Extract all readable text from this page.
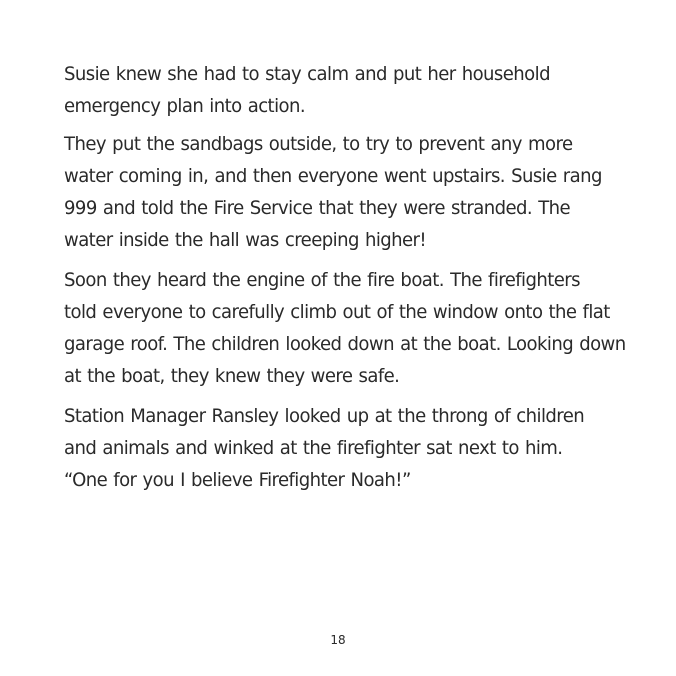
Susie knew she had to stay calm and put her household
emergency plan into action.

They put the sandbags outside, to try to prevent any more
water coming in, and then everyone went upstairs. Susie rang
999 and told the Fire Service that they were stranded. The
water inside the hall was creeping higher!

Soon they heard the engine of the fire boat. The firefighters
told everyone to carefully climb out of the window onto the flat
garage roof. The children looked down at the boat. Looking down
at the boat, they knew they were safe.

Station Manager Ransley looked up at the throng of children
and animals and winked at the firefighter sat next to him.
“One for you I believe Firefighter Noah!”

18
